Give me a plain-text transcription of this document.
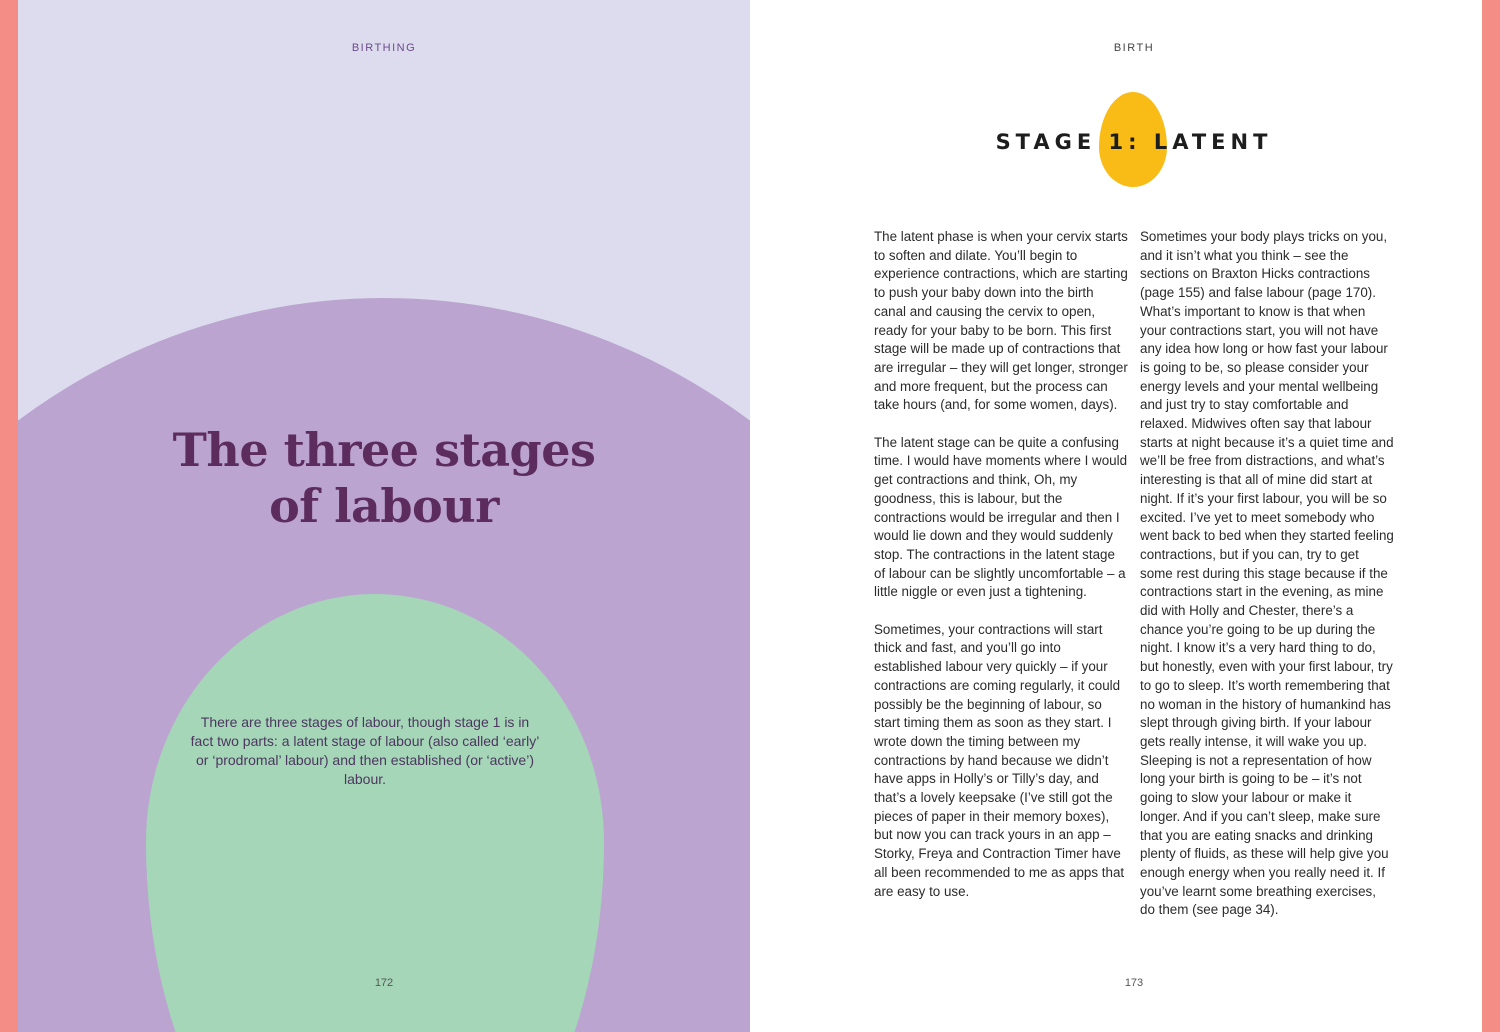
BIRTHING
The three stages
of labour
There are three stages of labour, though stage 1 is in fact two parts: a latent stage of labour (also called ‘early’ or ‘prodromal’ labour) and then established (or ‘active’) labour.
172
BIRTH
STAGE 1: LATENT

The latent phase is when your cervix starts to soften and dilate. You’ll begin to experience contractions, which are starting to push your baby down into the birth canal and causing the cervix to open, ready for your baby to be born. This first stage will be made up of contractions that are irregular – they will get longer, stronger and more frequent, but the process can take hours (and, for some women, days).

The latent stage can be quite a confusing time. I would have moments where I would get contractions and think, Oh, my goodness, this is labour, but the contractions would be irregular and then I would lie down and they would suddenly stop. The contractions in the latent stage of labour can be slightly uncomfortable – a little niggle or even just a tightening.

Sometimes, your contractions will start thick and fast, and you’ll go into established labour very quickly – if your contractions are coming regularly, it could possibly be the beginning of labour, so start timing them as soon as they start. I wrote down the timing between my contractions by hand because we didn’t have apps in Holly’s or Tilly’s day, and that’s a lovely keepsake (I’ve still got the pieces of paper in their memory boxes), but now you can track yours in an app – Storky, Freya and Contraction Timer have all been recommended to me as apps that are easy to use.

Sometimes your body plays tricks on you, and it isn’t what you think – see the sections on Braxton Hicks contractions (page 155) and false labour (page 170). What’s important to know is that when your contractions start, you will not have any idea how long or how fast your labour is going to be, so please consider your energy levels and your mental wellbeing and just try to stay comfortable and relaxed. Midwives often say that labour starts at night because it’s a quiet time and we’ll be free from distractions, and what’s interesting is that all of mine did start at night. If it’s your first labour, you will be so excited. I’ve yet to meet somebody who went back to bed when they started feeling contractions, but if you can, try to get some rest during this stage because if the contractions start in the evening, as mine did with Holly and Chester, there’s a chance you’re going to be up during the night. I know it’s a very hard thing to do, but honestly, even with your first labour, try to go to sleep. It’s worth remembering that no woman in the history of humankind has slept through giving birth. If your labour gets really intense, it will wake you up. Sleeping is not a representation of how long your birth is going to be – it’s not going to slow your labour or make it longer. And if you can’t sleep, make sure that you are eating snacks and drinking plenty of fluids, as these will help give you enough energy when you really need it. If you’ve learnt some breathing exercises, do them (see page 34).

173
